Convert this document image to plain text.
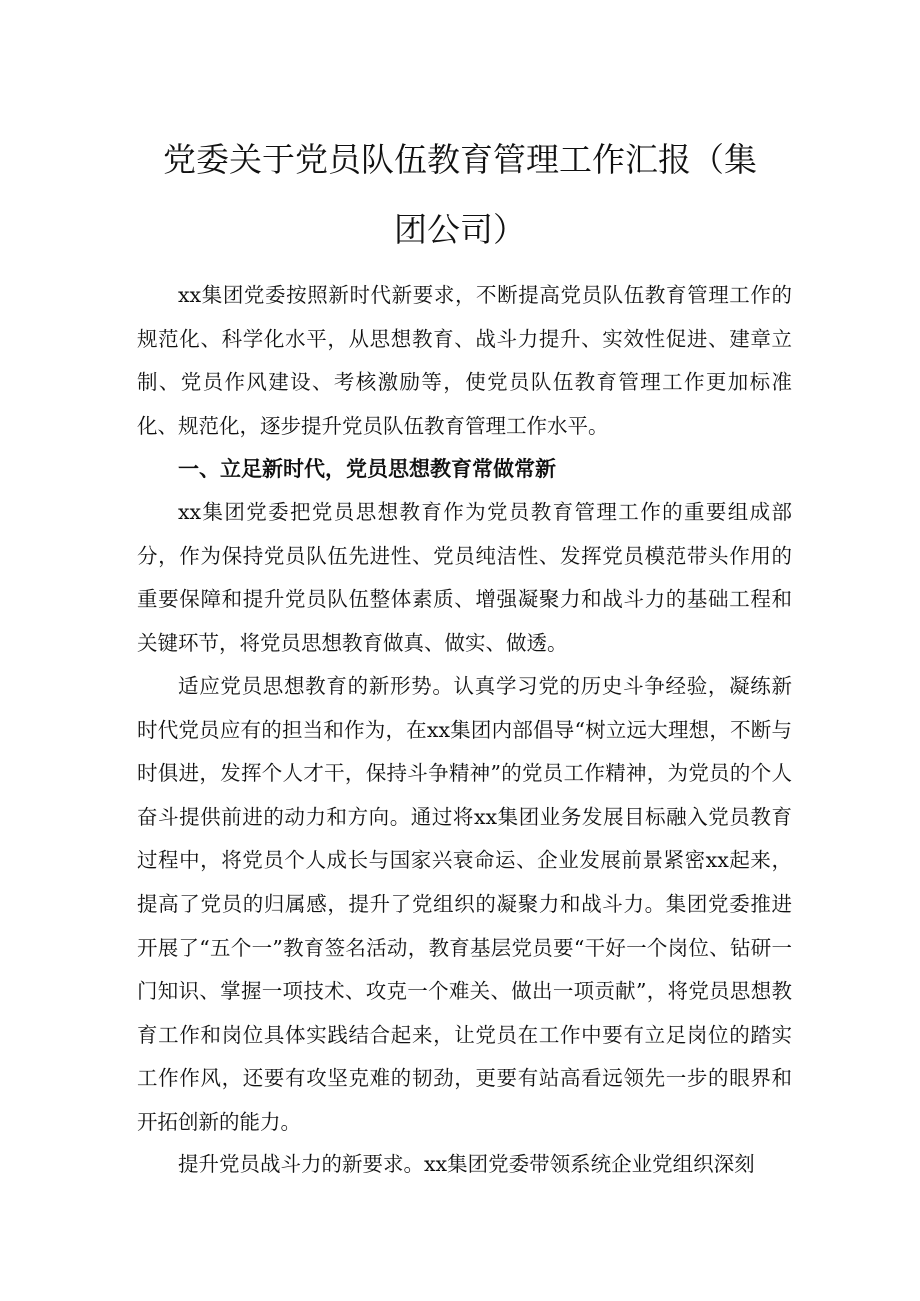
党委关于党员队伍教育管理工作汇报（集
团公司）

xx集团党委按照新时代新要求，不断提高党员队伍教育管理工作的规范化、科学化水平，从思想教育、战斗力提升、实效性促进、建章立制、党员作风建设、考核激励等，使党员队伍教育管理工作更加标准化、规范化，逐步提升党员队伍教育管理工作水平。

一、立足新时代，党员思想教育常做常新

xx集团党委把党员思想教育作为党员教育管理工作的重要组成部分，作为保持党员队伍先进性、党员纯洁性、发挥党员模范带头作用的重要保障和提升党员队伍整体素质、增强凝聚力和战斗力的基础工程和关键环节，将党员思想教育做真、做实、做透。

适应党员思想教育的新形势。认真学习党的历史斗争经验，凝练新时代党员应有的担当和作为，在xx集团内部倡导“树立远大理想，不断与时俱进，发挥个人才干，保持斗争精神”的党员工作精神，为党员的个人奋斗提供前进的动力和方向。通过将xx集团业务发展目标融入党员教育过程中，将党员个人成长与国家兴衰命运、企业发展前景紧密xx起来，提高了党员的归属感，提升了党组织的凝聚力和战斗力。集团党委推进开展了“五个一”教育签名活动，教育基层党员要“干好一个岗位、钻研一门知识、掌握一项技术、攻克一个难关、做出一项贡献”，将党员思想教育工作和岗位具体实践结合起来，让党员在工作中要有立足岗位的踏实工作作风，还要有攻坚克难的韧劲，更要有站高看远领先一步的眼界和开拓创新的能力。

提升党员战斗力的新要求。xx集团党委带领系统企业党组织深刻
